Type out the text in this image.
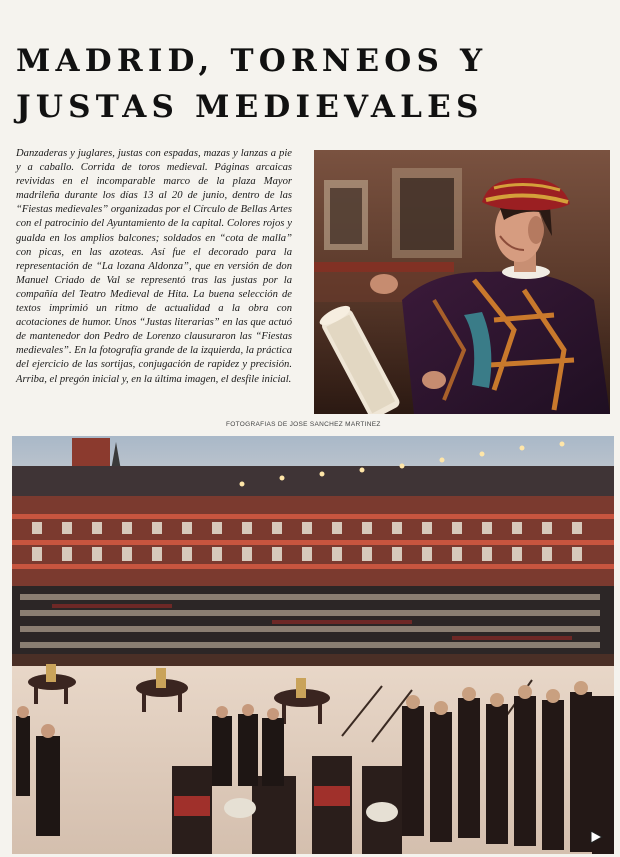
MADRID, TORNEOS Y
JUSTAS MEDIEVALES

Danzaderas y juglares, justas con espadas, mazas y lanzas a pie y a caballo. Corrida de toros medieval. Páginas arcaicas revividas en el incomparable marco de la plaza Mayor madrileña durante los días 13 al 20 de junio, dentro de las “Fiestas medievales” organizadas por el Círculo de Bellas Artes con el patrocinio del Ayuntamiento de la capital. Colores rojos y gualda en los amplios balcones; soldados en “cota de malla” con picas, en las azoteas. Así fue el decorado para la representación de “La lozana Aldonza”, que en versión de don Manuel Criado de Val se representó tras las justas por la compañía del Teatro Medieval de Hita. La buena selección de textos imprimió un ritmo de actualidad a la obra con acotaciones de humor. Unos “Justas literarias” en las que actuó de mantenedor don Pedro de Lorenzo clausuraron las “Fiestas medievales”. En la fotografía grande de la izquierda, la práctica del ejercicio de las sortijas, conjugación de rapidez y precisión. Arriba, el pregón inicial y, en la última imagen, el desfile inicial.

FOTOGRAFIAS DE JOSE SANCHEZ MARTINEZ
